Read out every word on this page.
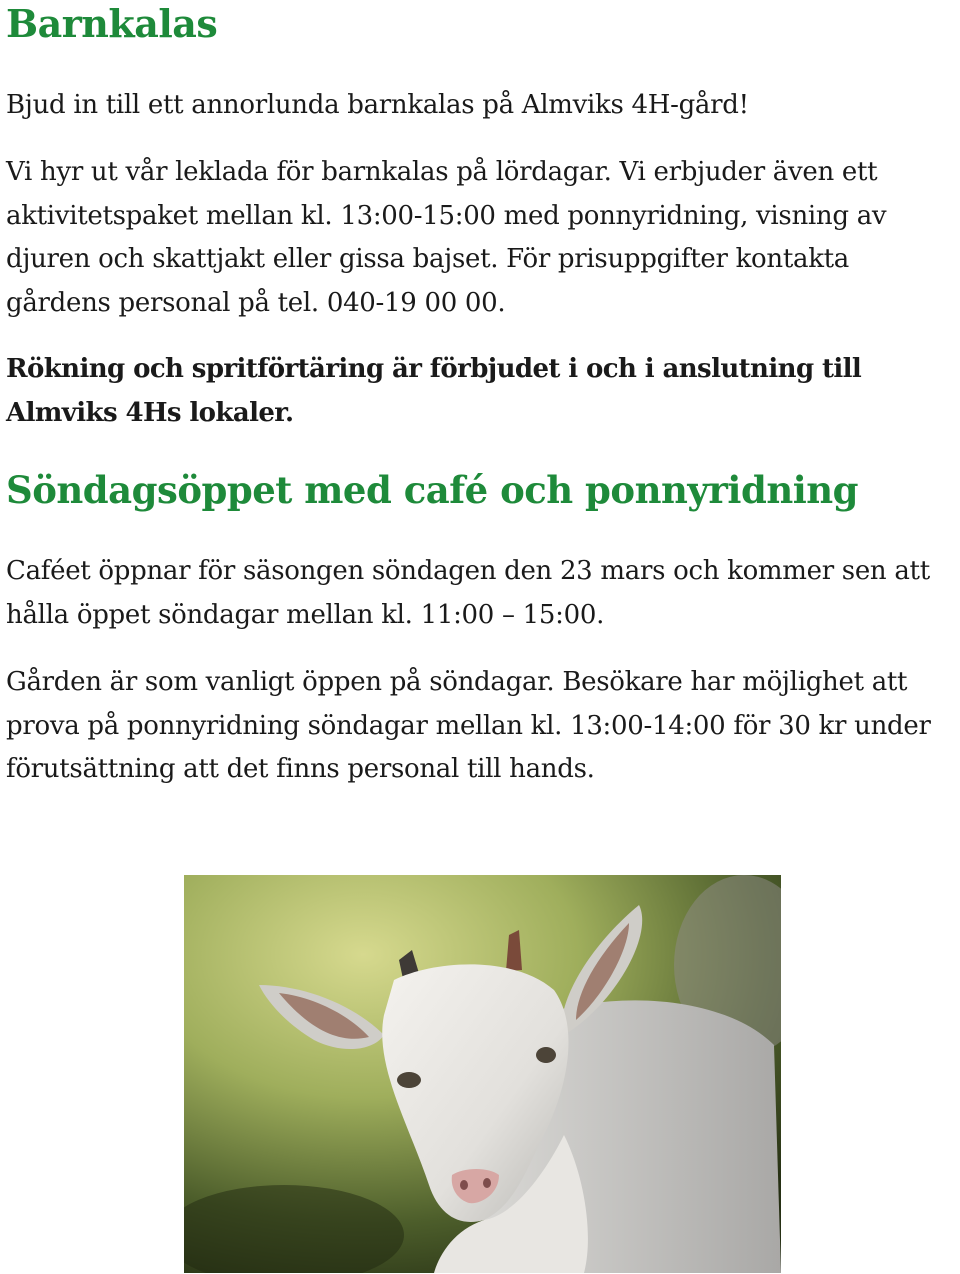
Barnkalas

Bjud in till ett annorlunda barnkalas på Almviks 4H-gård!

Vi hyr ut vår leklada för barnkalas på lördagar. Vi erbjuder även ett aktivitetspaket mellan kl. 13:00-15:00 med ponnyridning, visning av djuren och skattjakt eller gissa bajset. För prisuppgifter kontakta gårdens personal på tel. 040-19 00 00.

Rökning och spritförtäring är förbjudet i och i anslutning till Almviks 4Hs lokaler.

Söndagsöppet med café och ponnyridning

Caféet öppnar för säsongen söndagen den 23 mars och kommer sen att hålla öppet söndagar mellan kl. 11:00 – 15:00.

Gården är som vanligt öppen på söndagar. Besökare har möjlighet att prova på ponnyridning söndagar mellan kl. 13:00-14:00 för 30 kr under förutsättning att det finns personal till hands.
